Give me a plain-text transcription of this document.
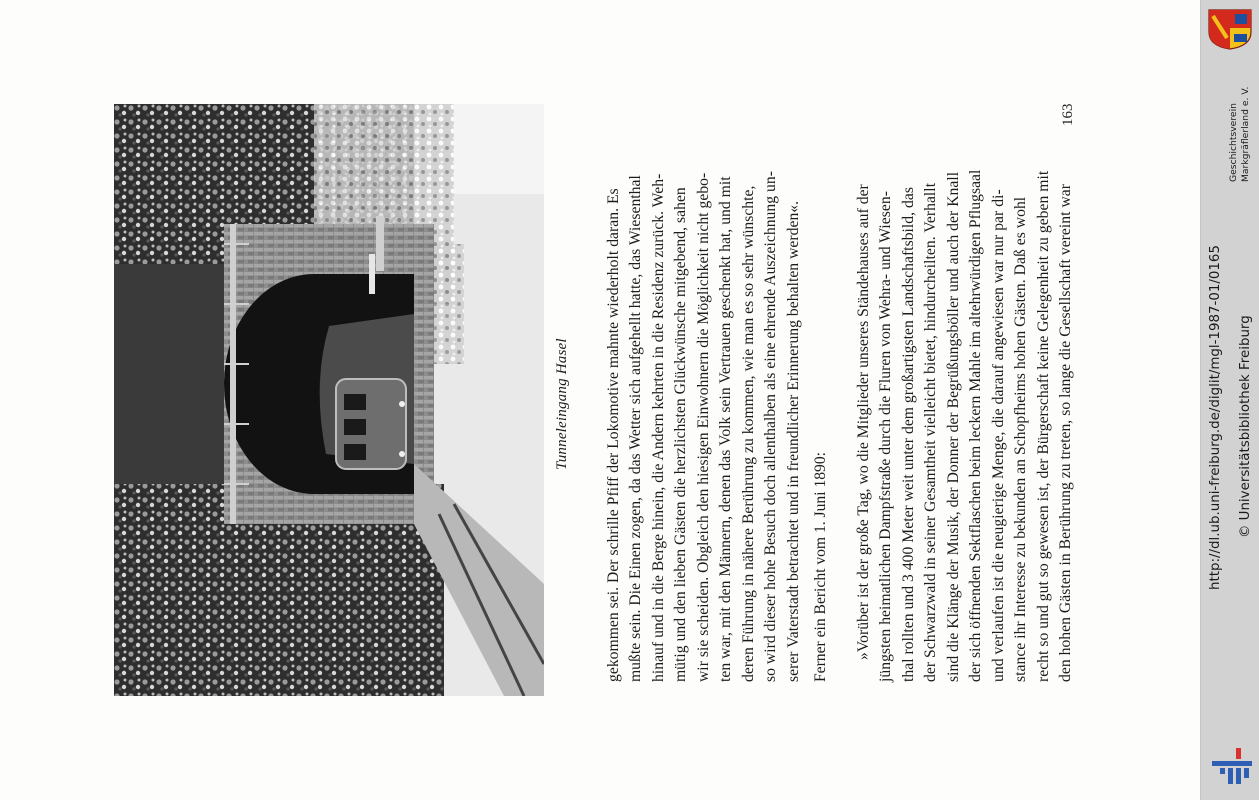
Tunneleingang Hasel gekommen sei. Der schrille Pfiff der Lokomotive mahnte wiederholt daran. Es mußte sein. Die Einen zogen, da das Wetter sich aufgehellt hatte, das Wiesenthal hinauf und in die Berge hinein, die Andern kehrten in die Residenz zurück. Weh- mütig und den lieben Gästen die herzlichsten Glückwünsche mitgebend, sahen wir sie scheiden. Obgleich den hiesigen Einwohnern die Möglichkeit nicht gebo- ten war, mit den Männern, denen das Volk sein Vertrauen geschenkt hat, und mit deren Führung in nähere Berührung zu kommen, wie man es so sehr wünschte, so wird dieser hohe Besuch doch allenthalben als eine ehrende Auszeichnung un- serer Vaterstadt betrachtet und in freundlicher Erinnerung behalten werden«. Ferner ein Bericht vom 1. Juni 1890: »Vorüber ist der große Tag, wo die Mitglieder unseres Ständehauses auf der jüngsten heimatlichen Dampfstraße durch die Fluren von Wehra- und Wiesen- thal rollten und 3 400 Meter weit unter dem großartigsten Landschaftsbild, das der Schwarzwald in seiner Gesamtheit vielleicht bietet, hindurcheilten. Verhallt sind die Klänge der Musik, der Donner der Begrüßungsböller und auch der Knall der sich öffnenden Sektflaschen beim leckern Mahle im altehrwürdigen Pflugsaal und verlaufen ist die neugierige Menge, die darauf angewiesen war nur par di- stance ihr Interesse zu bekunden an Schopfheims hohen Gästen. Daß es wohl recht so und gut so gewesen ist, der Bürgerschaft keine Gelegenheit zu geben mit den hohen Gästen in Berührung zu treten, so lange die Gesellschaft vereint war
163	Geschichtsverein Markgräflerland e. V.
http://dl.ub.uni-freiburg.de/diglit/mgl-1987-01/0165 © Universitätsbibliothek Freiburg
